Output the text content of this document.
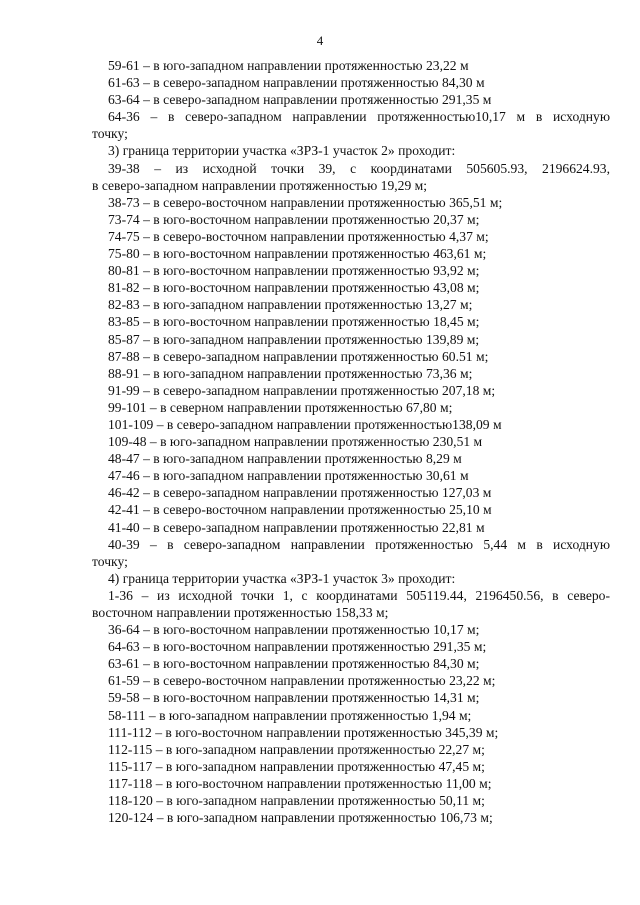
4
59-61 – в юго-западном направлении протяженностью 23,22 м
61-63 – в северо-западном направлении протяженностью 84,30 м
63-64 – в северо-западном направлении протяженностью 291,35 м
64-36 – в северо-западном направлении протяженностью10,17 м в исходную
точку;
3) граница территории участка «ЗРЗ-1 участок 2» проходит:
39-38 – из исходной точки 39, с координатами 505605.93, 2196624.93,
в северо-западном направлении протяженностью 19,29 м;
38-73 – в северо-восточном направлении протяженностью 365,51 м;
73-74 – в юго-восточном направлении протяженностью 20,37 м;
74-75 – в северо-восточном направлении протяженностью 4,37 м;
75-80 – в юго-восточном направлении протяженностью 463,61 м;
80-81 – в юго-восточном направлении протяженностью 93,92 м;
81-82 – в юго-восточном направлении протяженностью 43,08 м;
82-83 – в юго-западном направлении протяженностью 13,27 м;
83-85 – в юго-восточном направлении протяженностью 18,45 м;
85-87 – в юго-западном направлении протяженностью 139,89 м;
87-88 – в северо-западном направлении протяженностью 60.51 м;
88-91 – в юго-западном направлении протяженностью 73,36 м;
91-99 – в северо-западном направлении протяженностью 207,18 м;
99-101 – в северном направлении протяженностью 67,80 м;
101-109 – в северо-западном направлении протяженностью138,09 м
109-48 – в юго-западном направлении протяженностью 230,51 м
48-47 – в юго-западном направлении протяженностью 8,29 м
47-46 – в юго-западном направлении протяженностью 30,61 м
46-42 – в северо-западном направлении протяженностью 127,03 м
42-41 – в северо-восточном направлении протяженностью 25,10 м
41-40 – в северо-западном направлении протяженностью 22,81 м
40-39 – в северо-западном направлении протяженностью 5,44 м в исходную
точку;
4) граница территории участка «ЗРЗ-1 участок 3» проходит:
1-36 – из исходной точки 1, с координатами 505119.44, 2196450.56, в северо-
восточном направлении протяженностью 158,33 м;
36-64 – в юго-восточном направлении протяженностью 10,17 м;
64-63 – в юго-восточном направлении протяженностью 291,35 м;
63-61 – в юго-восточном направлении протяженностью 84,30 м;
61-59 – в северо-восточном направлении протяженностью 23,22 м;
59-58 – в юго-восточном направлении протяженностью 14,31 м;
58-111 – в юго-западном направлении протяженностью 1,94 м;
111-112 – в юго-восточном направлении протяженностью 345,39 м;
112-115 – в юго-западном направлении протяженностью 22,27 м;
115-117 – в юго-западном направлении протяженностью 47,45 м;
117-118 – в юго-восточном направлении протяженностью 11,00 м;
118-120 – в юго-западном направлении протяженностью 50,11 м;
120-124 – в юго-западном направлении протяженностью 106,73 м;
